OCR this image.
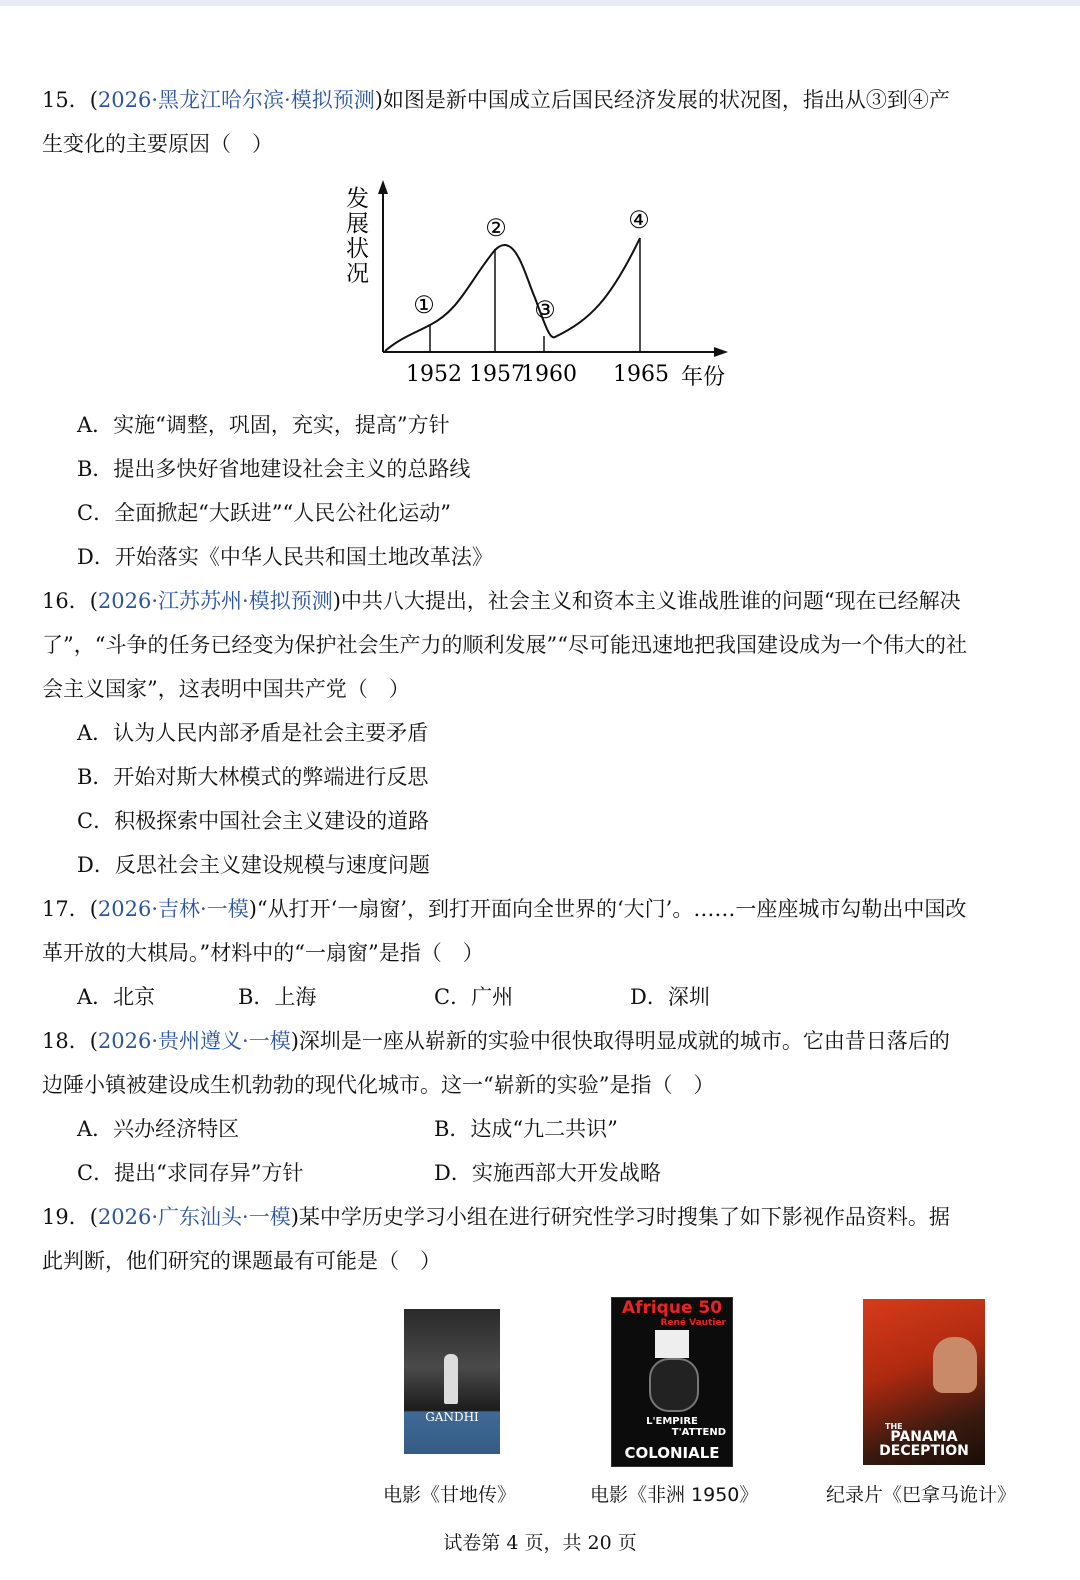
15．(2026·黑龙江哈尔滨·模拟预测)如图是新中国成立后国民经济发展的状况图，指出从③到④产
生变化的主要原因（　）
发
展
状
况
①
②
③
④
1952 1957
1960 1965 年份
A．实施“调整，巩固，充实，提高”方针
B．提出多快好省地建设社会主义的总路线
C．全面掀起“大跃进”“人民公社化运动”
D．开始落实《中华人民共和国土地改革法》
16．(2026·江苏苏州·模拟预测)中共八大提出，社会主义和资本主义谁战胜谁的问题“现在已经解决
了”，“斗争的任务已经变为保护社会生产力的顺利发展”“尽可能迅速地把我国建设成为一个伟大的社
会主义国家”，这表明中国共产党（　）
A．认为人民内部矛盾是社会主要矛盾
B．开始对斯大林模式的弊端进行反思
C．积极探索中国社会主义建设的道路
D．反思社会主义建设规模与速度问题
17．(2026·吉林·一模)“从打开‘一扇窗’，到打开面向全世界的‘大门’。……一座座城市勾勒出中国改
革开放的大棋局。”材料中的“一扇窗”是指（　）
A．北京	B．上海	C．广州	D．深圳
18．(2026·贵州遵义·一模)深圳是一座从崭新的实验中很快取得明显成就的城市。它由昔日落后的
边陲小镇被建设成生机勃勃的现代化城市。这一“崭新的实验”是指（　）
A．兴办经济特区	B．达成“九二共识”
C．提出“求同存异”方针	D．实施西部大开发战略
19．(2026·广东汕头·一模)某中学历史学习小组在进行研究性学习时搜集了如下影视作品资料。据
此判断，他们研究的课题最有可能是（　）
GANDHI
Afrique 50
René Vautier
L'EMPIRE
T'ATTEND
COLONIALE
THE
PANAMA
DECEPTION
电影《甘地传》	电影《非洲 1950》	纪录片《巴拿马诡计》
试卷第 4 页，共 20 页
